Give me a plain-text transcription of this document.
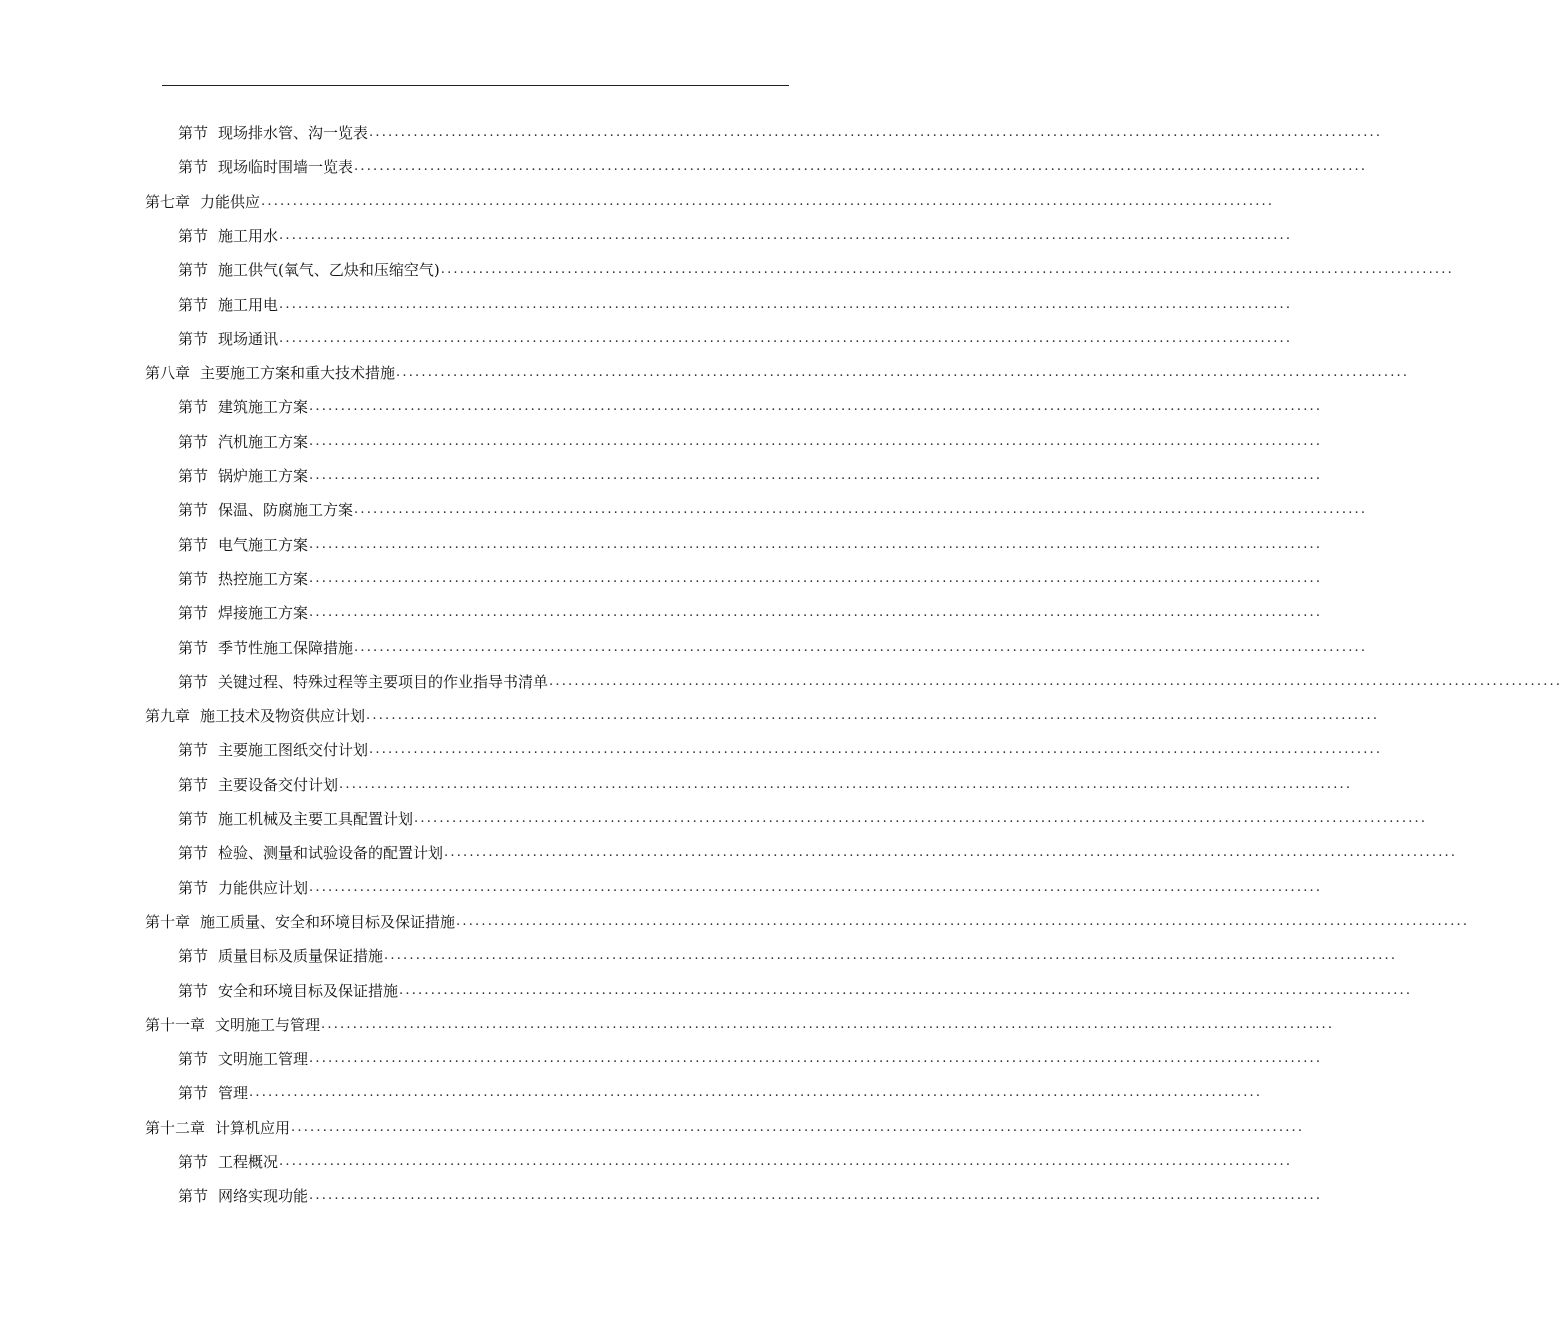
第节 现场排水管、沟一览表 ................................................................................................................................................................
第节 现场临时围墙一览表 ................................................................................................................................................................
第七章 力能供应 ................................................................................................................................................................
第节 施工用水 ................................................................................................................................................................
第节 施工供气(氧气、乙炔和压缩空气) ................................................................................................................................................................
第节 施工用电 ................................................................................................................................................................
第节 现场通讯 ................................................................................................................................................................
第八章 主要施工方案和重大技术措施 ................................................................................................................................................................
第节 建筑施工方案 ................................................................................................................................................................
第节 汽机施工方案 ................................................................................................................................................................
第节 锅炉施工方案 ................................................................................................................................................................
第节 保温、防腐施工方案 ................................................................................................................................................................
第节 电气施工方案 ................................................................................................................................................................
第节 热控施工方案 ................................................................................................................................................................
第节 焊接施工方案 ................................................................................................................................................................
第节 季节性施工保障措施 ................................................................................................................................................................
第节 关键过程、特殊过程等主要项目的作业指导书清单 ................................................................................................................................................................
第九章 施工技术及物资供应计划 ................................................................................................................................................................
第节 主要施工图纸交付计划 ................................................................................................................................................................
第节 主要设备交付计划 ................................................................................................................................................................
第节 施工机械及主要工具配置计划 ................................................................................................................................................................
第节 检验、测量和试验设备的配置计划 ................................................................................................................................................................
第节 力能供应计划 ................................................................................................................................................................
第十章 施工质量、安全和环境目标及保证措施 ................................................................................................................................................................
第节 质量目标及质量保证措施 ................................................................................................................................................................
第节 安全和环境目标及保证措施 ................................................................................................................................................................
第十一章 文明施工与管理 ................................................................................................................................................................
第节 文明施工管理 ................................................................................................................................................................
第节 管理 ................................................................................................................................................................
第十二章 计算机应用 ................................................................................................................................................................
第节 工程概况 ................................................................................................................................................................
第节 网络实现功能 ................................................................................................................................................................
